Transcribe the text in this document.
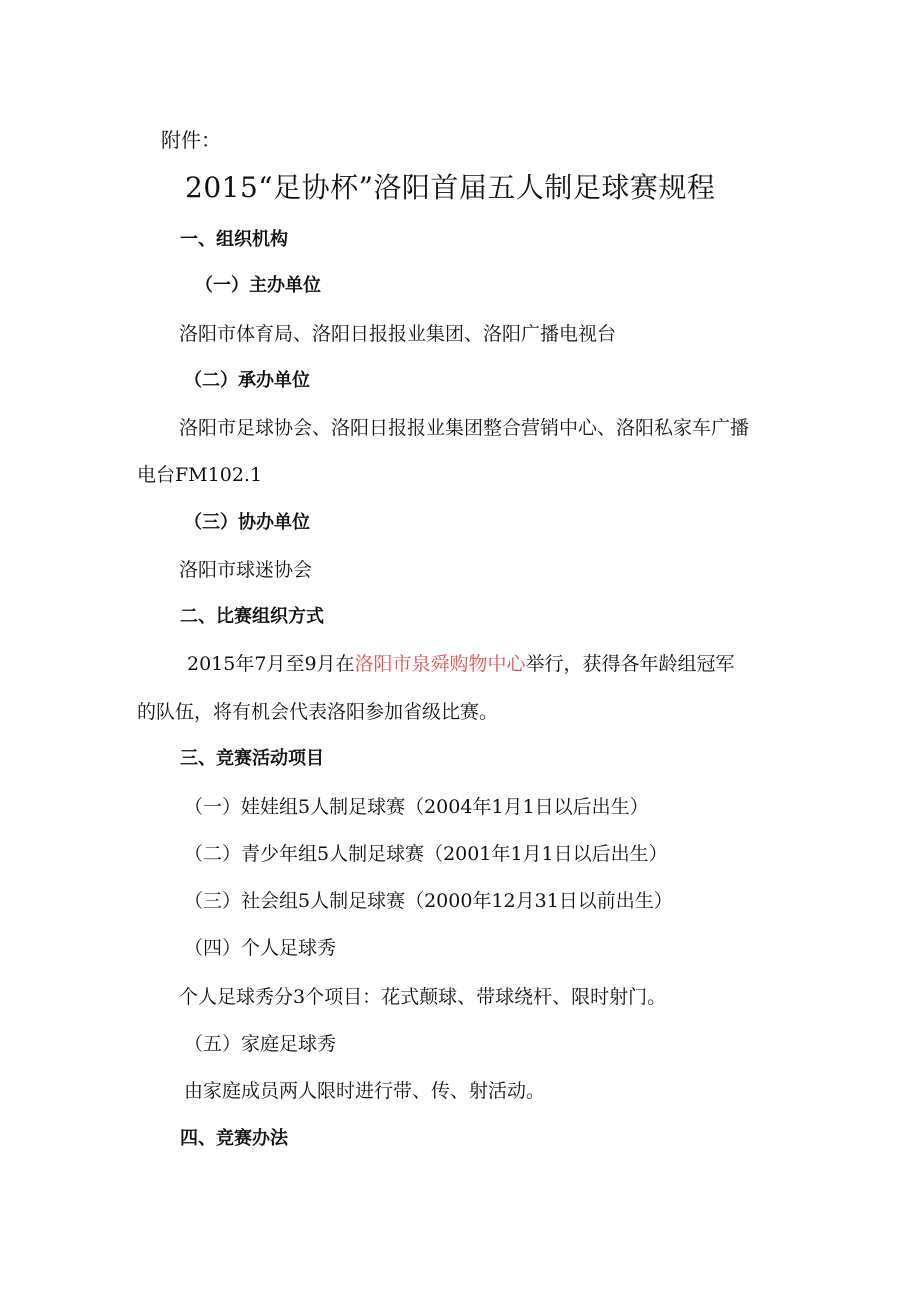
附件：
2015“足协杯”洛阳首届五人制足球赛规程
一、组织机构
（一）主办单位
洛阳市体育局、洛阳日报报业集团、洛阳广播电视台
（二）承办单位
洛阳市足球协会、洛阳日报报业集团整合营销中心、洛阳私家车广播
电台FM102.1
（三）协办单位
洛阳市球迷协会
二、比赛组织方式
2015年7月至9月在洛阳市泉舜购物中心举行，获得各年龄组冠军
的队伍，将有机会代表洛阳参加省级比赛。
三、竞赛活动项目
（一）娃娃组5人制足球赛（2004年1月1日以后出生）
（二）青少年组5人制足球赛（2001年1月1日以后出生）
（三）社会组5人制足球赛（2000年12月31日以前出生）
（四）个人足球秀
个人足球秀分3个项目：花式颠球、带球绕杆、限时射门。
（五）家庭足球秀
由家庭成员两人限时进行带、传、射活动。
四、竞赛办法
